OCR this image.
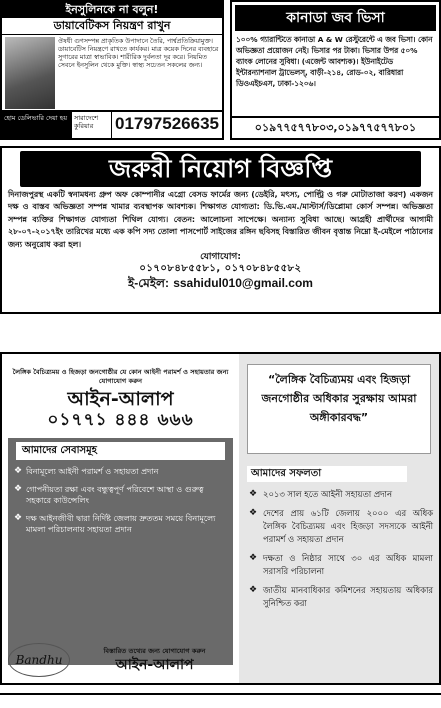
ইনসুলিনকে না বলুন!
ডায়াবেটিকস নিয়ন্ত্রণ রাখুন
ঔষধী গুণসম্পন্ন প্রাকৃতিক উপাদানে তৈরি, পার্শ্বপ্রতিক্রিয়ামুক্ত। ডায়াবেটিস নিয়ন্ত্রণে রাখতে কার্যকর। মাত্র কয়েক দিনের ব্যবহারে সুগারের মাত্রা স্বাভাবিক। শারীরিক দুর্বলতা দূর করে। নিয়মিত সেবনে ইনসুলিন থেকে মুক্তি। স্বাস্থ্য সচেতন সকলের জন্য।
হোম ডেলিভারি দেয়া হয়	সারাদেশে কুরিয়ার	01797526635
কানাডা জব ভিসা
১০০% গ্যারান্টিতে কানাডা A & W রেস্টুরেন্টে এ জব ভিসা। কোন অভিজ্ঞতা প্রয়োজন নেই। ভিসার পর টাকা। ভিসার উপর ৫০% ব্যাংক লোনের সুবিধা। (এজেন্ট আবশ্যক)। ইউনাইটেড ইন্টারন্যাশনাল ট্রাভেলস্‌, বাড়ী-২১৪, রোড-০২, বারিধারা ডিওএইচএস, ঢাকা-১২০৬।
০১৯৭৭৫৭৭৮০৩,০১৯৭৭৫৭৭৮০১
জরুরী নিয়োগ বিজ্ঞপ্তি
দিনাজপুরস্থ একটি স্বনামধন্য গ্রুপ অফ কোম্পানীর এগ্রো বেসড ফার্মের জন্য (ডেইরি, মৎস্য, পোল্ট্রি ও গরু মোটাতাজা করণ) একজন দক্ষ ও বাস্তব অভিজ্ঞতা সম্পন্ন খামার ব্যবস্থাপক আবশ্যক। শিক্ষাগত যোগ্যতা: ডি.ভি.এম./মাস্টার্স/ডিপ্লোমা কোর্স সম্পন্ন। অভিজ্ঞতা সম্পন্ন ব্যক্তির শিক্ষাগত যোগ্যতা শিথিল যোগ্য। বেতন: আলোচনা সাপেক্ষে। অন্যান্য সুবিধা আছে। আগ্রহী প্রার্থীদের আগামী ২৮-০৭-২০১৭ইং তারিখের মধ্যে এক কপি সদ্য তোলা পাসপোর্ট সাইজের রঙ্গিন ছবিসহ বিস্তারিত জীবন বৃত্তান্ত নিম্নো ই-মেইলে পাঠানোর জন্য অনুরোধ করা হল।
যোগাযোগ:
০১৭০৮৪৮৫৫৮১, ০১৭০৮৪৮৫৫৮২
ই-মেইল: ssahidul010@gmail.com
লৈঙ্গিক বৈচিত্র্যময় ও হিজড়া জনগোষ্ঠীর যে কোন আইনী পরামর্শ ও সহায়তার জন্য যোগাযোগ করুন
আইন-আলাপ
০১৭৭১ ৪৪৪ ৬৬৬
আমাদের সেবাসমূহ
❖ বিনামূল্যে আইনী পরামর্শ ও সহায়তা প্রদান
❖ গোপনীয়তা রক্ষা এবং বন্ধুত্বপূর্ণ পরিবেশে আস্থা ও গুরুত্ব সহকারে কাউন্সেলিং
❖ দক্ষ আইনজীবী দ্বারা নির্দিষ্ট জেলায় দ্রুততম সময়ে বিনামূল্যে মামলা পরিচালনায় সহায়তা প্রদান
Bandhu
বিস্তারিত তথ্যের জন্য যোগাযোগ করুন
আইন-আলাপ
“লৈঙ্গিক বৈচিত্র্যময় এবং হিজড়া জনগোষ্ঠীর অধিকার সুরক্ষায় আমরা অঙ্গীকারবদ্ধ”
আমাদের সফলতা
❖ ২০১৩ সাল হতে আইনী সহায়তা প্রদান
❖ দেশের প্রায় ৬১টি জেলায় ২০০০ এর অধিক লৈঙ্গিক বৈচিত্র্যময় এবং হিজড়া সদস্যকে আইনী পরামর্শ ও সহায়তা প্রদান
❖ দক্ষতা ও নিষ্ঠার সাথে ৩০ এর অধিক মামলা সরাসরি পরিচালনা
❖ জাতীয় মানবাধিকার কমিশনের সহায়তায় অধিকার সুনিশ্চিত করা
